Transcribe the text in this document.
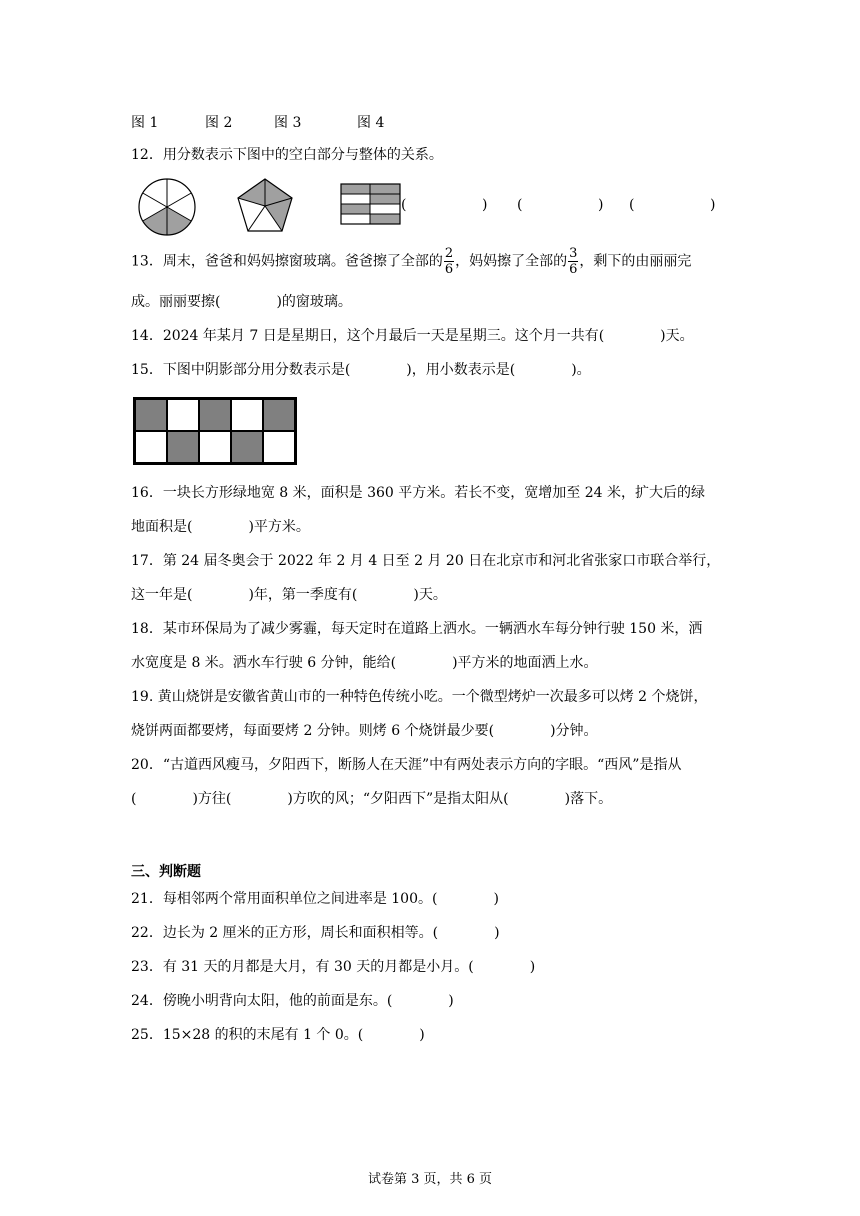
图 1	图 2	图 3	图 4
12．用分数表示下图中的空白部分与整体的关系。
(	) (	) (	)
13．周末，爸爸和妈妈擦窗玻璃。爸爸擦了全部的 $\frac{2}{6}$ ，妈妈擦了全部的 $\frac{3}{6}$ ，剩下的由丽丽完
成。丽丽要擦(　　　　)的窗玻璃。
14．2024 年某月 7 日是星期日，这个月最后一天是星期三。这个月一共有(　　　　)天。
15．下图中阴影部分用分数表示是(　　　　)，用小数表示是(　　　　)。
16．一块长方形绿地宽 8 米，面积是 360 平方米。若长不变，宽增加至 24 米，扩大后的绿
地面积是(　　　　)平方米。
17．第 24 届冬奥会于 2022 年 2 月 4 日至 2 月 20 日在北京市和河北省张家口市联合举行，
这一年是(　　　　)年，第一季度有(　　　　)天。
18．某市环保局为了减少雾霾，每天定时在道路上洒水。一辆洒水车每分钟行驶 150 米，洒
水宽度是 8 米。洒水车行驶 6 分钟，能给(　　　　)平方米的地面洒上水。
19. 黄山烧饼是安徽省黄山市的一种特色传统小吃。一个微型烤炉一次最多可以烤 2 个烧饼，
烧饼两面都要烤，每面要烤 2 分钟。则烤 6 个烧饼最少要(　　　　)分钟。
20．“古道西风瘦马，夕阳西下，断肠人在天涯”中有两处表示方向的字眼。“西风”是指从
(　　　　)方往(　　　　)方吹的风；“夕阳西下”是指太阳从(　　　　)落下。
三、判断题
21．每相邻两个常用面积单位之间进率是 100。(　　　　)
22．边长为 2 厘米的正方形，周长和面积相等。(　　　　)
23．有 31 天的月都是大月，有 30 天的月都是小月。(　　　　)
24．傍晚小明背向太阳，他的前面是东。(　　　　)
25．15×28 的积的末尾有 1 个 0。(　　　　)
试卷第 3 页，共 6 页
